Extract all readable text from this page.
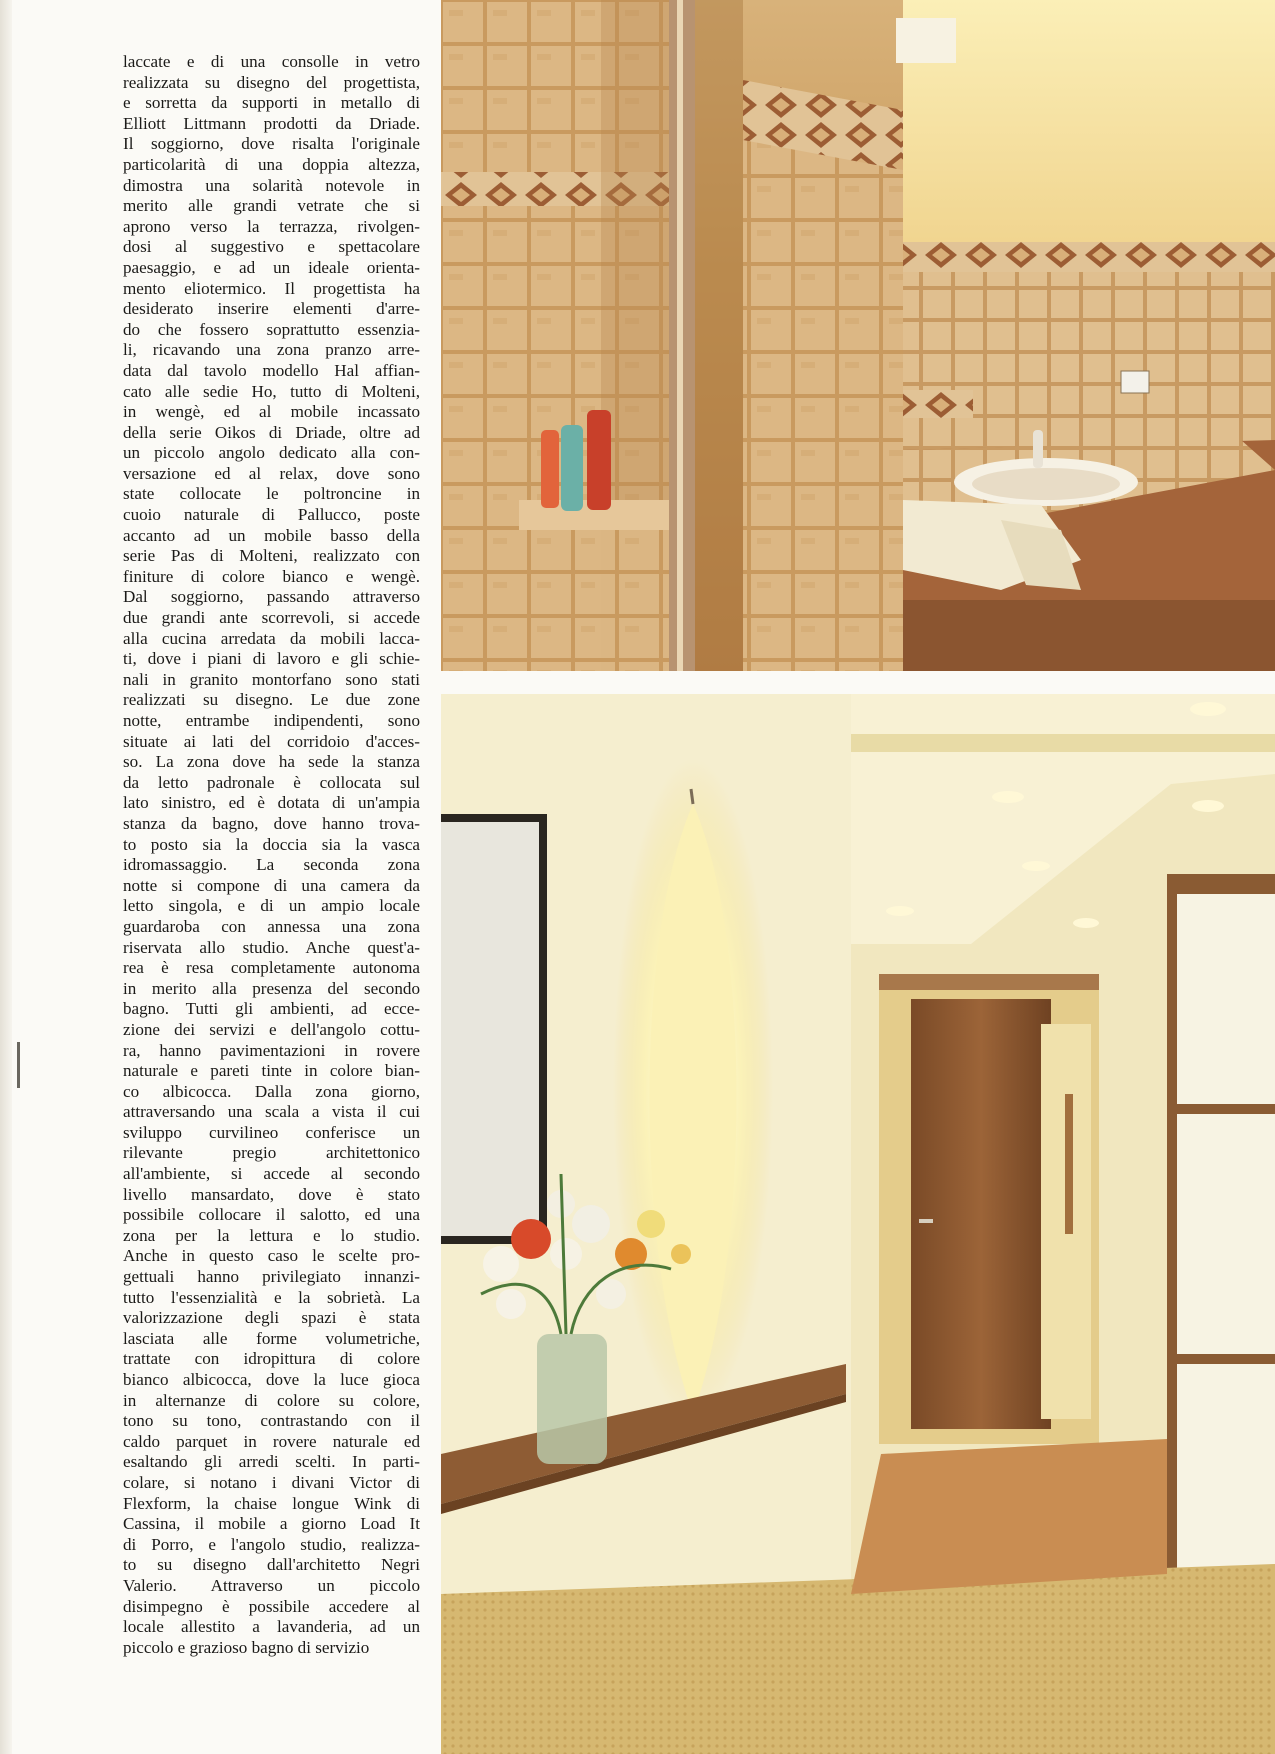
laccate e di una consolle in vetro
realizzata su disegno del progettista,
e sorretta da supporti in metallo di
Elliott Littmann prodotti da Driade.
Il soggiorno, dove risalta l'originale
particolarità di una doppia altezza,
dimostra una solarità notevole in
merito alle grandi vetrate che si
aprono verso la terrazza, rivolgen-
dosi al suggestivo e spettacolare
paesaggio, e ad un ideale orienta-
mento eliotermico. Il progettista ha
desiderato inserire elementi d'arre-
do che fossero soprattutto essenzia-
li, ricavando una zona pranzo arre-
data dal tavolo modello Hal affian-
cato alle sedie Ho, tutto di Molteni,
in wengè, ed al mobile incassato
della serie Oikos di Driade, oltre ad
un piccolo angolo dedicato alla con-
versazione ed al relax, dove sono
state collocate le poltroncine in
cuoio naturale di Pallucco, poste
accanto ad un mobile basso della
serie Pas di Molteni, realizzato con
finiture di colore bianco e wengè.
Dal soggiorno, passando attraverso
due grandi ante scorrevoli, si accede
alla cucina arredata da mobili lacca-
ti, dove i piani di lavoro e gli schie-
nali in granito montorfano sono stati
realizzati su disegno. Le due zone
notte, entrambe indipendenti, sono
situate ai lati del corridoio d'acces-
so. La zona dove ha sede la stanza
da letto padronale è collocata sul
lato sinistro, ed è dotata di un'ampia
stanza da bagno, dove hanno trova-
to posto sia la doccia sia la vasca
idromassaggio. La seconda zona
notte si compone di una camera da
letto singola, e di un ampio locale
guardaroba con annessa una zona
riservata allo studio. Anche quest'a-
rea è resa completamente autonoma
in merito alla presenza del secondo
bagno. Tutti gli ambienti, ad ecce-
zione dei servizi e dell'angolo cottu-
ra, hanno pavimentazioni in rovere
naturale e pareti tinte in colore bian-
co albicocca. Dalla zona giorno,
attraversando una scala a vista il cui
sviluppo curvilineo conferisce un
rilevante pregio architettonico
all'ambiente, si accede al secondo
livello mansardato, dove è stato
possibile collocare il salotto, ed una
zona per la lettura e lo studio.
Anche in questo caso le scelte pro-
gettuali hanno privilegiato innanzi-
tutto l'essenzialità e la sobrietà. La
valorizzazione degli spazi è stata
lasciata alle forme volumetriche,
trattate con idropittura di colore
bianco albicocca, dove la luce gioca
in alternanze di colore su colore,
tono su tono, contrastando con il
caldo parquet in rovere naturale ed
esaltando gli arredi scelti. In parti-
colare, si notano i divani Victor di
Flexform, la chaise longue Wink di
Cassina, il mobile a giorno Load It
di Porro, e l'angolo studio, realizza-
to su disegno dall'architetto Negri
Valerio. Attraverso un piccolo
disimpegno è possibile accedere al
locale allestito a lavanderia, ad un
piccolo e grazioso bagno di servizio
